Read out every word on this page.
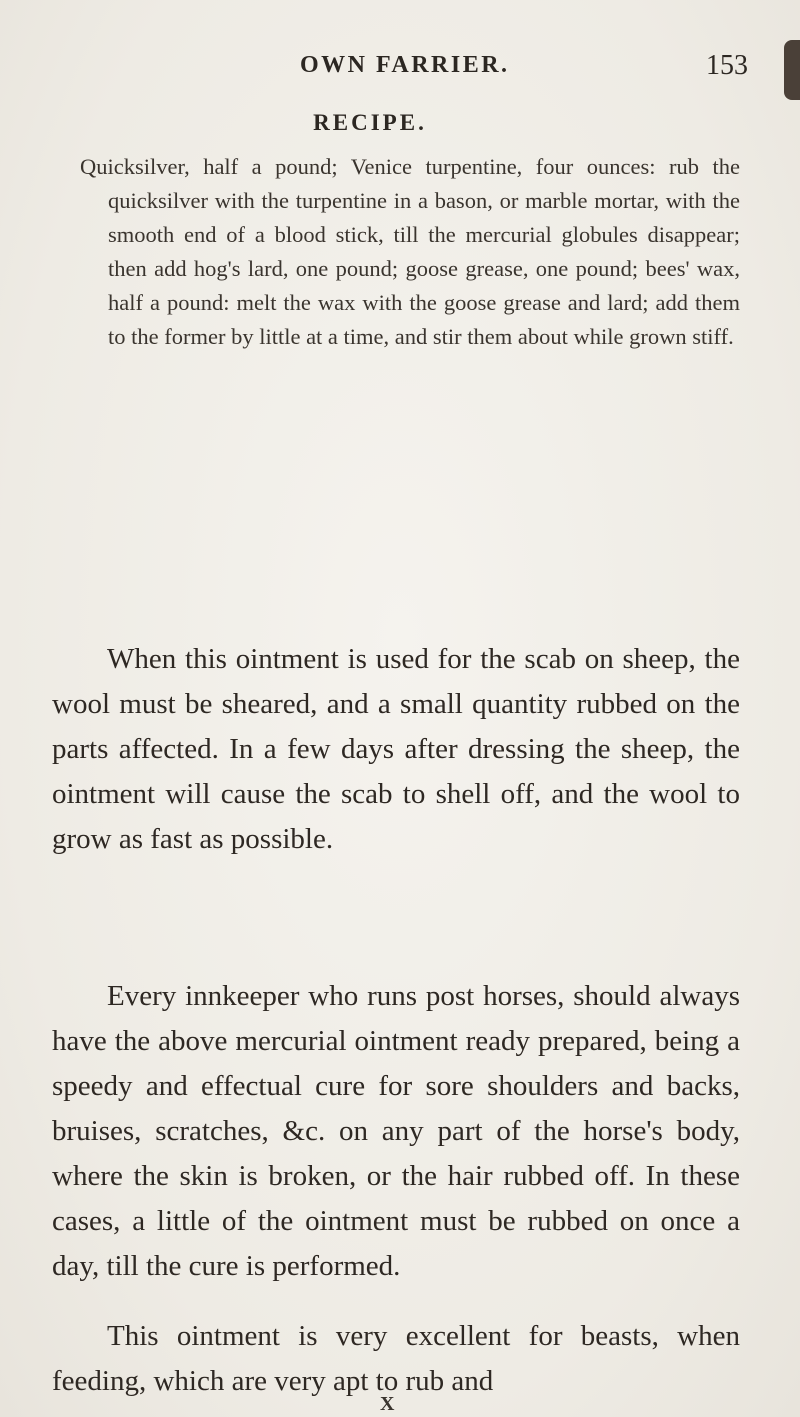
OWN FARRIER.	153
RECIPE.
Quicksilver, half a pound; Venice turpentine, four ounces: rub the quicksilver with the turpentine in a bason, or marble mortar, with the smooth end of a blood stick, till the mercurial globules disappear; then add hog's lard, one pound; goose grease, one pound; bees' wax, half a pound: melt the wax with the goose grease and lard; add them to the former by little at a time, and stir them about while grown stiff.

When this ointment is used for the scab on sheep, the wool must be sheared, and a small quantity rubbed on the parts affected. In a few days after dressing the sheep, the ointment will cause the scab to shell off, and the wool to grow as fast as possible.

Every innkeeper who runs post horses, should always have the above mercurial ointment ready prepared, being a speedy and effectual cure for sore shoulders and backs, bruises, scratches, &c. on any part of the horse's body, where the skin is broken, or the hair rubbed off. In these cases, a little of the ointment must be rubbed on once a day, till the cure is performed.

This ointment is very excellent for beasts, when feeding, which are very apt to rub and

X
